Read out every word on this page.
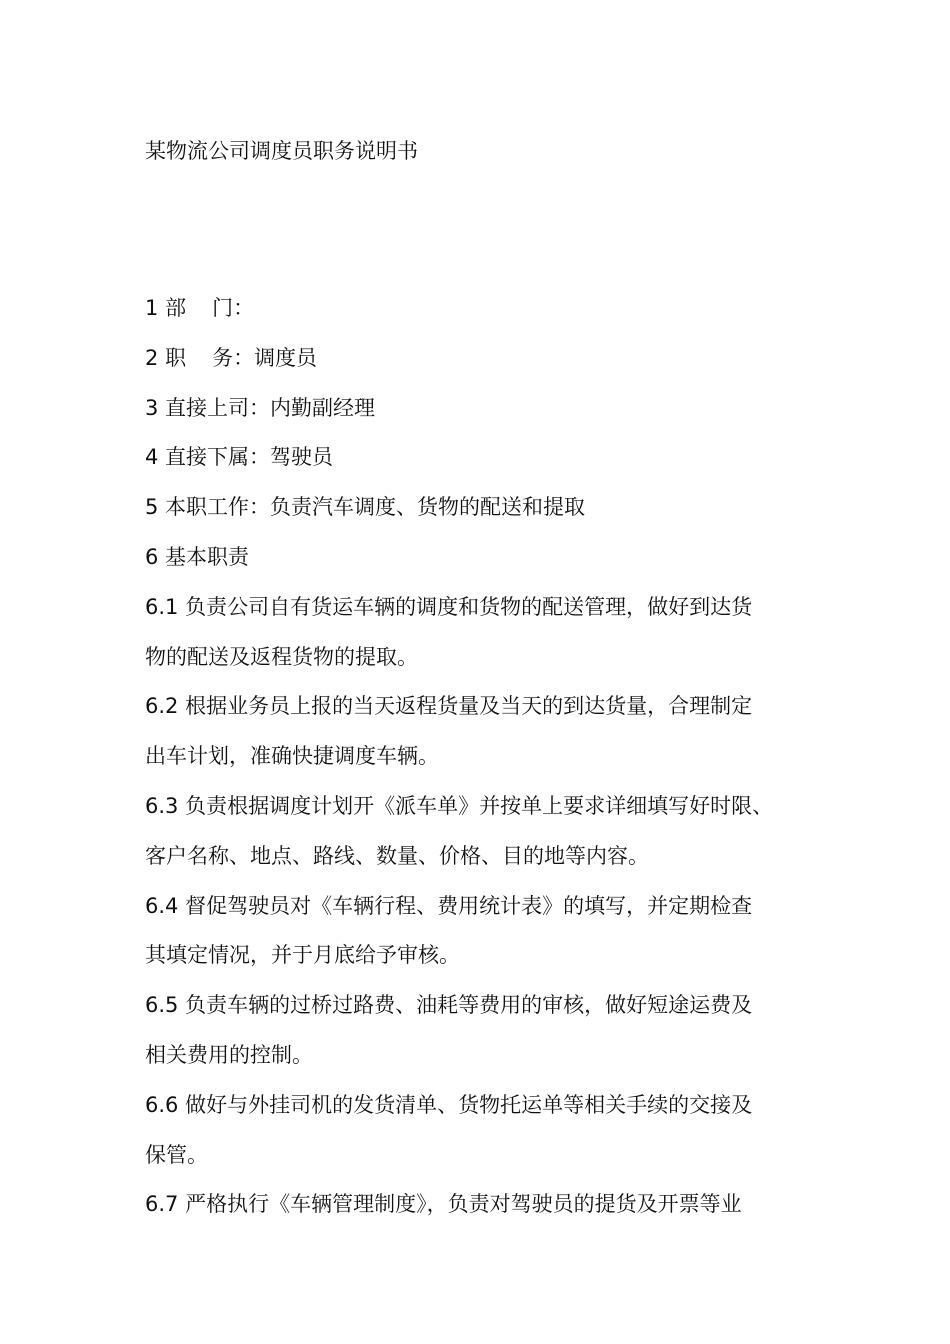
某物流公司调度员职务说明书
1 部 门：
2 职 务：调度员
3 直接上司：内勤副经理
4 直接下属：驾驶员
5 本职工作：负责汽车调度、货物的配送和提取
6 基本职责
6.1 负责公司自有货运车辆的调度和货物的配送管理，做好到达货
物的配送及返程货物的提取。
6.2 根据业务员上报的当天返程货量及当天的到达货量，合理制定
出车计划，准确快捷调度车辆。
6.3 负责根据调度计划开《派车单》并按单上要求详细填写好时限、
客户名称、地点、路线、数量、价格、目的地等内容。
6.4 督促驾驶员对《车辆行程、费用统计表》的填写，并定期检查
其填定情况，并于月底给予审核。
6.5 负责车辆的过桥过路费、油耗等费用的审核，做好短途运费及
相关费用的控制。
6.6 做好与外挂司机的发货清单、货物托运单等相关手续的交接及
保管。
6.7 严格执行《车辆管理制度》，负责对驾驶员的提货及开票等业
